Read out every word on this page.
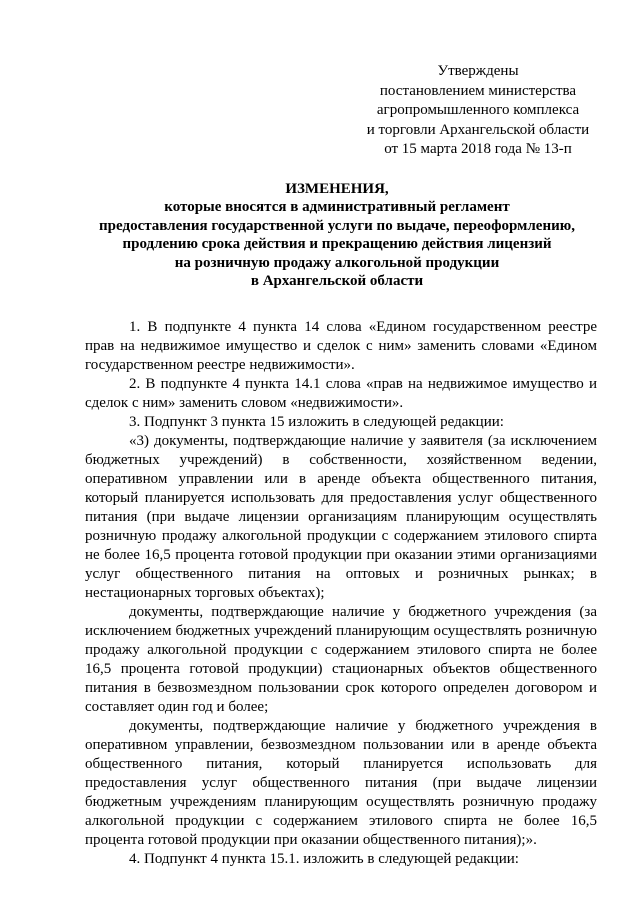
Утверждены
постановлением министерства
агропромышленного комплекса
и торговли Архангельской области
от 15 марта 2018 года № 13-п
ИЗМЕНЕНИЯ,
которые вносятся в административный регламент
предоставления государственной услуги по выдаче, переоформлению,
продлению срока действия и прекращению действия лицензий
на розничную продажу алкогольной продукции
в Архангельской области

1. В подпункте 4 пункта 14 слова «Едином государственном реестре прав на недвижимое имущество и сделок с ним» заменить словами «Едином государственном реестре недвижимости».

2. В подпункте 4 пункта 14.1 слова «прав на недвижимое имущество и сделок с ним» заменить словом «недвижимости».

3. Подпункт 3 пункта 15 изложить в следующей редакции:

«3) документы, подтверждающие наличие у заявителя (за исключением бюджетных учреждений) в собственности, хозяйственном ведении, оперативном управлении или в аренде объекта общественного питания, который планируется использовать для предоставления услуг общественного питания (при выдаче лицензии организациям планирующим осуществлять розничную продажу алкогольной продукции с содержанием этилового спирта не более 16,5 процента готовой продукции при оказании этими организациями услуг общественного питания на оптовых и розничных рынках; в нестационарных торговых объектах);

документы, подтверждающие наличие у бюджетного учреждения (за исключением бюджетных учреждений планирующим осуществлять розничную продажу алкогольной продукции с содержанием этилового спирта не более 16,5 процента готовой продукции) стационарных объектов общественного питания в безвозмездном пользовании срок которого определен договором и составляет один год и более;

документы, подтверждающие наличие у бюджетного учреждения в оперативном управлении, безвозмездном пользовании или в аренде объекта общественного питания, который планируется использовать для предоставления услуг общественного питания (при выдаче лицензии бюджетным учреждениям планирующим осуществлять розничную продажу алкогольной продукции с содержанием этилового спирта не более 16,5 процента готовой продукции при оказании общественного питания);».

4. Подпункт 4 пункта 15.1. изложить в следующей редакции:
